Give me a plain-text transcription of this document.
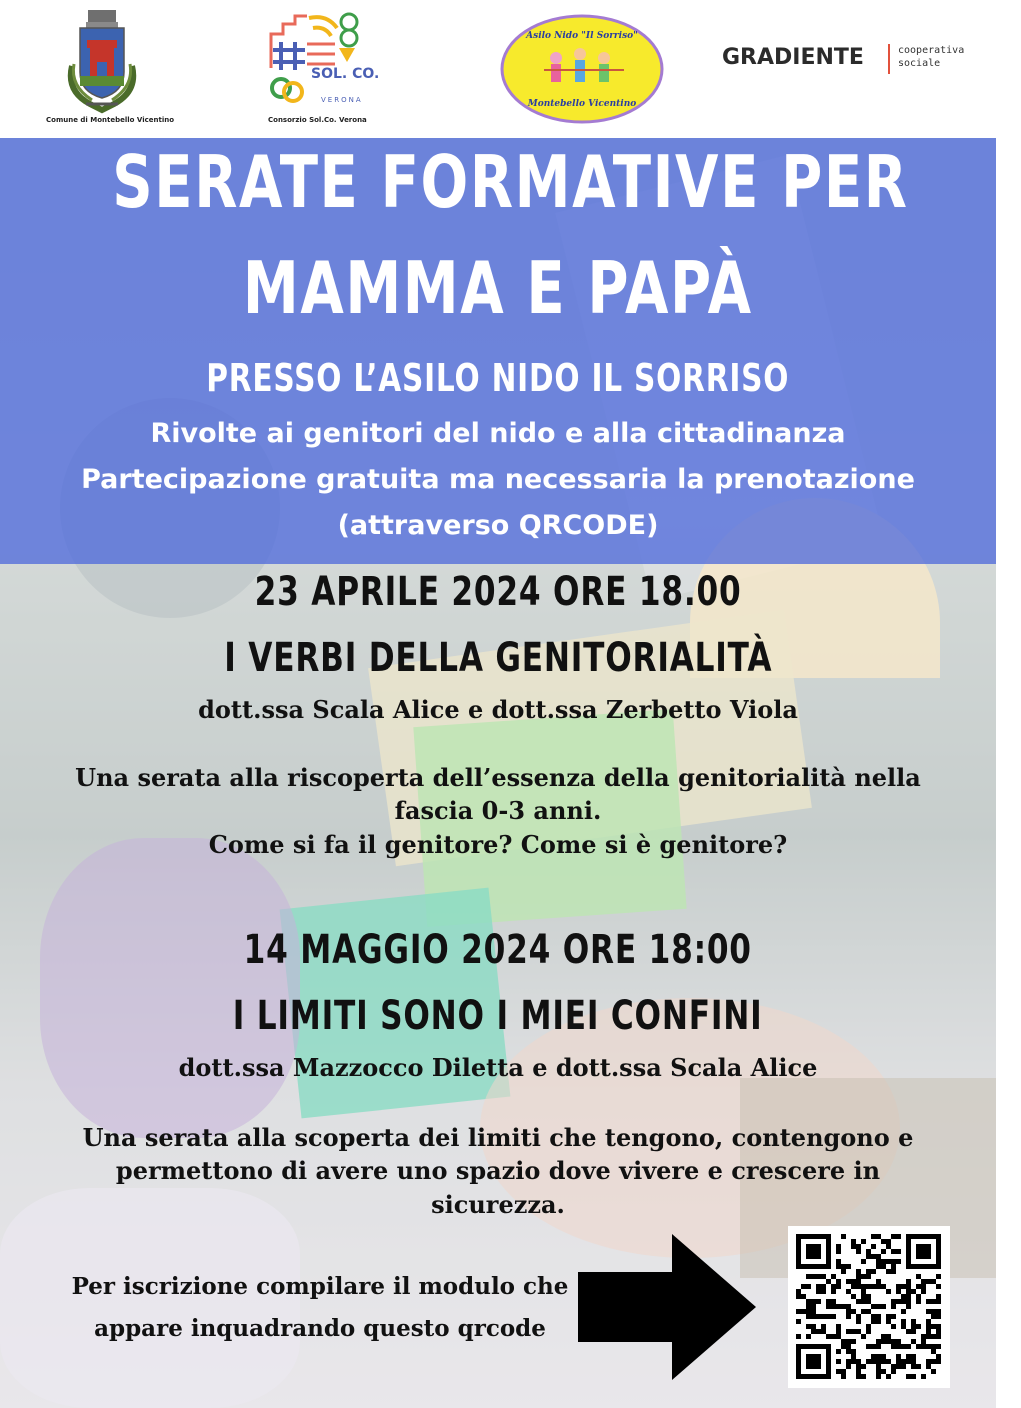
Comune di Montebello Vicentino
SOL. CO.
VERONA
Consorzio Sol.Co. Verona
Asilo Nido "Il Sorriso"
Montebello Vicentino
GRADIENTE	cooperativa
sociale
SERATE FORMATIVE PER
MAMMA E PAPÀ
PRESSO L’ASILO NIDO IL SORRISO
Rivolte ai genitori del nido e alla cittadinanza
Partecipazione gratuita ma necessaria la prenotazione
(attraverso QRCODE)
23 APRILE 2024 ORE 18.00
I VERBI DELLA GENITORIALITÀ
dott.ssa Scala Alice e dott.ssa Zerbetto Viola
Una serata alla riscoperta dell’essenza della genitorialità nella
fascia 0-3 anni.
Come si fa il genitore? Come si è genitore?
14 MAGGIO 2024 ORE 18:00
I LIMITI SONO I MIEI CONFINI
dott.ssa Mazzocco Diletta e dott.ssa Scala Alice
Una serata alla scoperta dei limiti che tengono, contengono e
permettono di avere uno spazio dove vivere e crescere in
sicurezza.
Per iscrizione compilare il modulo che
appare inquadrando questo qrcode
